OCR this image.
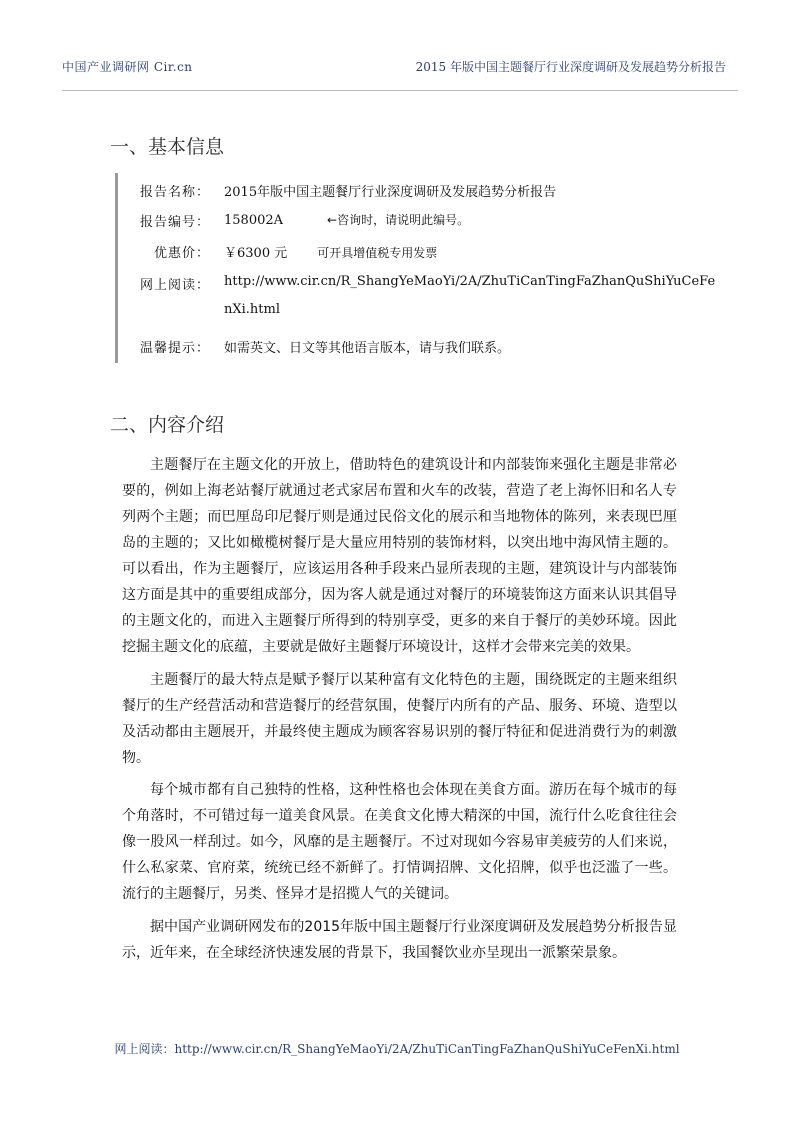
中国产业调研网 Cir.cn	2015 年版中国主题餐厅行业深度调研及发展趋势分析报告
一、基本信息
报告名称： 2015年版中国主题餐厅行业深度调研及发展趋势分析报告
报告编号： 158002A	←咨询时，请说明此编号。
优惠价： ￥6300 元	可开具增值税专用发票
网上阅读： http://www.cir.cn/R_ShangYeMaoYi/2A/ZhuTiCanTingFaZhanQuShiYuCeFe
nXi.html
温馨提示： 如需英文、日文等其他语言版本，请与我们联系。
二、内容介绍

主题餐厅在主题文化的开放上，借助特色的建筑设计和内部装饰来强化主题是非常必要的，例如上海老站餐厅就通过老式家居布置和火车的改装，营造了老上海怀旧和名人专列两个主题；而巴厘岛印尼餐厅则是通过民俗文化的展示和当地物体的陈列，来表现巴厘岛的主题的；又比如橄榄树餐厅是大量应用特别的装饰材料，以突出地中海风情主题的。可以看出，作为主题餐厅，应该运用各种手段来凸显所表现的主题，建筑设计与内部装饰这方面是其中的重要组成部分，因为客人就是通过对餐厅的环境装饰这方面来认识其倡导的主题文化的，而进入主题餐厅所得到的特别享受，更多的来自于餐厅的美妙环境。因此挖掘主题文化的底蕴，主要就是做好主题餐厅环境设计，这样才会带来完美的效果。

主题餐厅的最大特点是赋予餐厅以某种富有文化特色的主题，围绕既定的主题来组织餐厅的生产经营活动和营造餐厅的经营氛围，使餐厅内所有的产品、服务、环境、造型以及活动都由主题展开，并最终使主题成为顾客容易识别的餐厅特征和促进消费行为的刺激物。

每个城市都有自己独特的性格，这种性格也会体现在美食方面。游历在每个城市的每个角落时，不可错过每一道美食风景。在美食文化博大精深的中国，流行什么吃食往往会像一股风一样刮过。如今，风靡的是主题餐厅。不过对现如今容易审美疲劳的人们来说，什么私家菜、官府菜，统统已经不新鲜了。打情调招牌、文化招牌，似乎也泛滥了一些。流行的主题餐厅，另类、怪异才是招揽人气的关键词。

据中国产业调研网发布的2015年版中国主题餐厅行业深度调研及发展趋势分析报告显示，近年来，在全球经济快速发展的背景下，我国餐饮业亦呈现出一派繁荣景象。

网上阅读：http://www.cir.cn/R_ShangYeMaoYi/2A/ZhuTiCanTingFaZhanQuShiYuCeFenXi.html
